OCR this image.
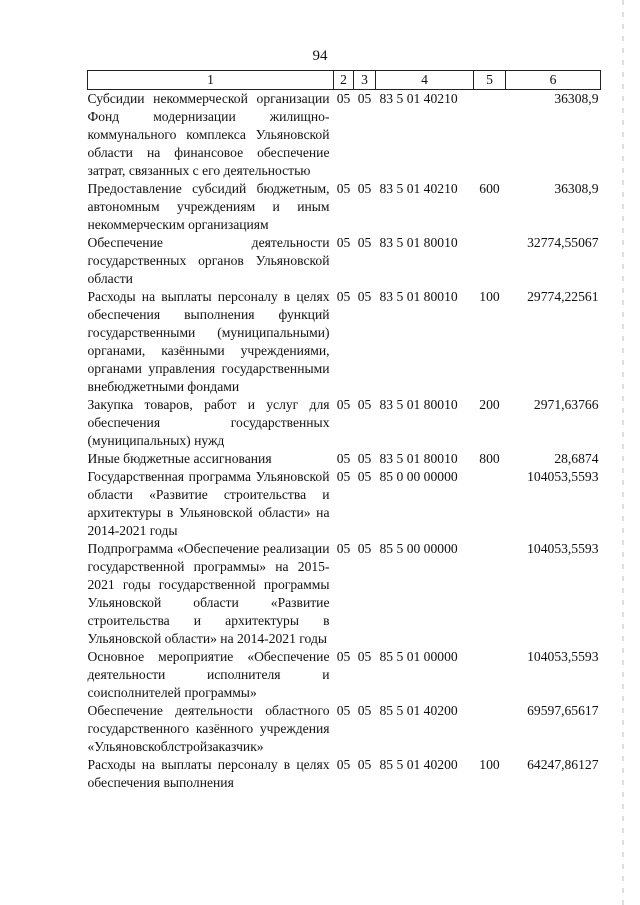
94
1	2	3	4	5	6
Субсидии некоммерческой организации Фонд модернизации жилищно-коммунального комплекса Ульяновской области на финансовое обеспечение затрат, связанных с его деятельностью	05	05	83 5 01 40210		36308,9
Предоставление субсидий бюджетным, автономным учреждениям и иным некоммерческим организациям	05	05	83 5 01 40210	600	36308,9
Обеспечение деятельности государственных органов Ульяновской области	05	05	83 5 01 80010		32774,55067
Расходы на выплаты персоналу в целях обеспечения выполнения функций государственными (муниципальными) органами, казёнными учреждениями, органами управления государственными внебюджетными фондами	05	05	83 5 01 80010	100	29774,22561
Закупка товаров, работ и услуг для обеспечения государственных (муниципальных) нужд	05	05	83 5 01 80010	200	2971,63766
Иные бюджетные ассигнования	05	05	83 5 01 80010	800	28,6874
Государственная программа Ульяновской области «Развитие строительства и архитектуры в Ульяновской области» на 2014-2021 годы	05	05	85 0 00 00000		104053,5593
Подпрограмма «Обеспечение реализации государственной программы» на 2015-2021 годы государственной программы Ульяновской области «Развитие строительства и архитектуры в Ульяновской области» на 2014-2021 годы	05	05	85 5 00 00000		104053,5593
Основное мероприятие «Обеспечение деятельности исполнителя и соисполнителей программы»	05	05	85 5 01 00000		104053,5593
Обеспечение деятельности областного государственного казённого учреждения «Ульяновскоблстройзаказчик»	05	05	85 5 01 40200		69597,65617
Расходы на выплаты персоналу в целях обеспечения выполнения	05	05	85 5 01 40200	100	64247,86127
